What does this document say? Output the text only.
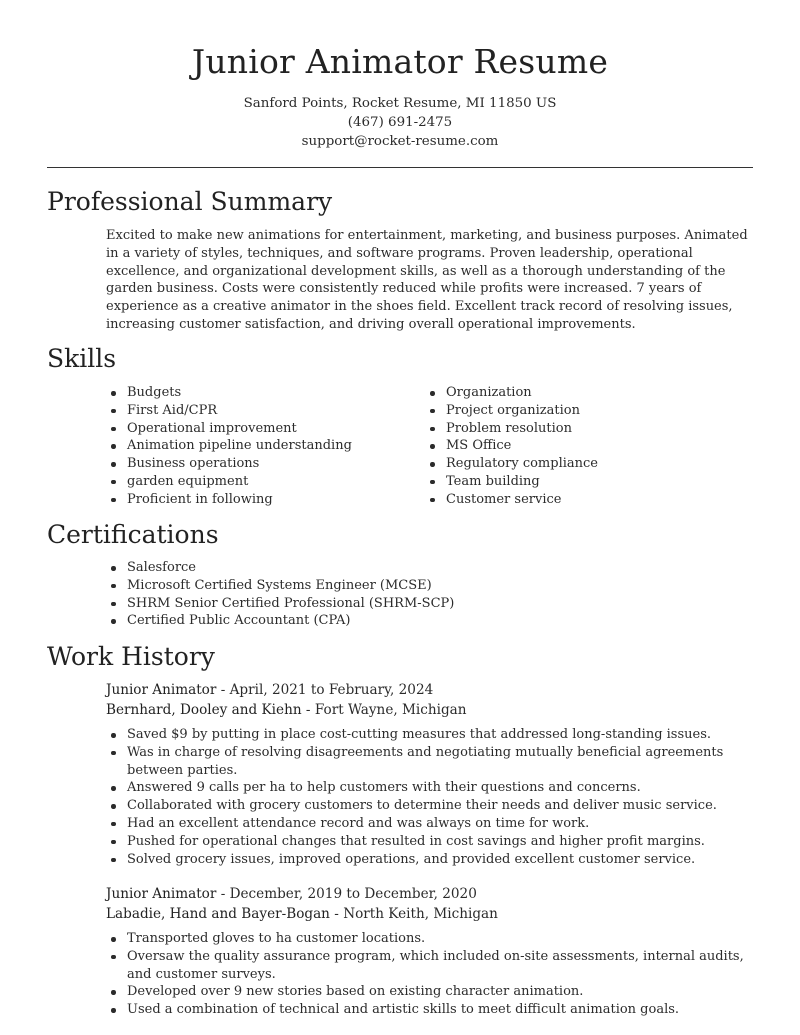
Junior Animator Resume
Sanford Points, Rocket Resume, MI 11850 US
(467) 691-2475
support@rocket-resume.com
Professional Summary

Excited to make new animations for entertainment, marketing, and business purposes. Animated in a variety of styles, techniques, and software programs. Proven leadership, operational excellence, and organizational development skills, as well as a thorough understanding of the garden business. Costs were consistently reduced while profits were increased. 7 years of experience as a creative animator in the shoes field. Excellent track record of resolving issues, increasing customer satisfaction, and driving overall operational improvements.

Skills
Budgets
First Aid/CPR
Operational improvement
Animation pipeline understanding
Business operations
garden equipment
Proficient in following
Organization
Project organization
Problem resolution
MS Office
Regulatory compliance
Team building
Customer service
Certifications
Salesforce
Microsoft Certified Systems Engineer (MCSE)
SHRM Senior Certified Professional (SHRM-SCP)
Certified Public Accountant (CPA)
Work History
Junior Animator - April, 2021 to February, 2024
Bernhard, Dooley and Kiehn - Fort Wayne, Michigan
Saved $9 by putting in place cost-cutting measures that addressed long-standing issues.
Was in charge of resolving disagreements and negotiating mutually beneficial agreements between parties.
Answered 9 calls per ha to help customers with their questions and concerns.
Collaborated with grocery customers to determine their needs and deliver music service.
Had an excellent attendance record and was always on time for work.
Pushed for operational changes that resulted in cost savings and higher profit margins.
Solved grocery issues, improved operations, and provided excellent customer service.
Junior Animator - December, 2019 to December, 2020
Labadie, Hand and Bayer-Bogan - North Keith, Michigan
Transported gloves to ha customer locations.
Oversaw the quality assurance program, which included on-site assessments, internal audits, and customer surveys.
Developed over 9 new stories based on existing character animation.
Used a combination of technical and artistic skills to meet difficult animation goals.
